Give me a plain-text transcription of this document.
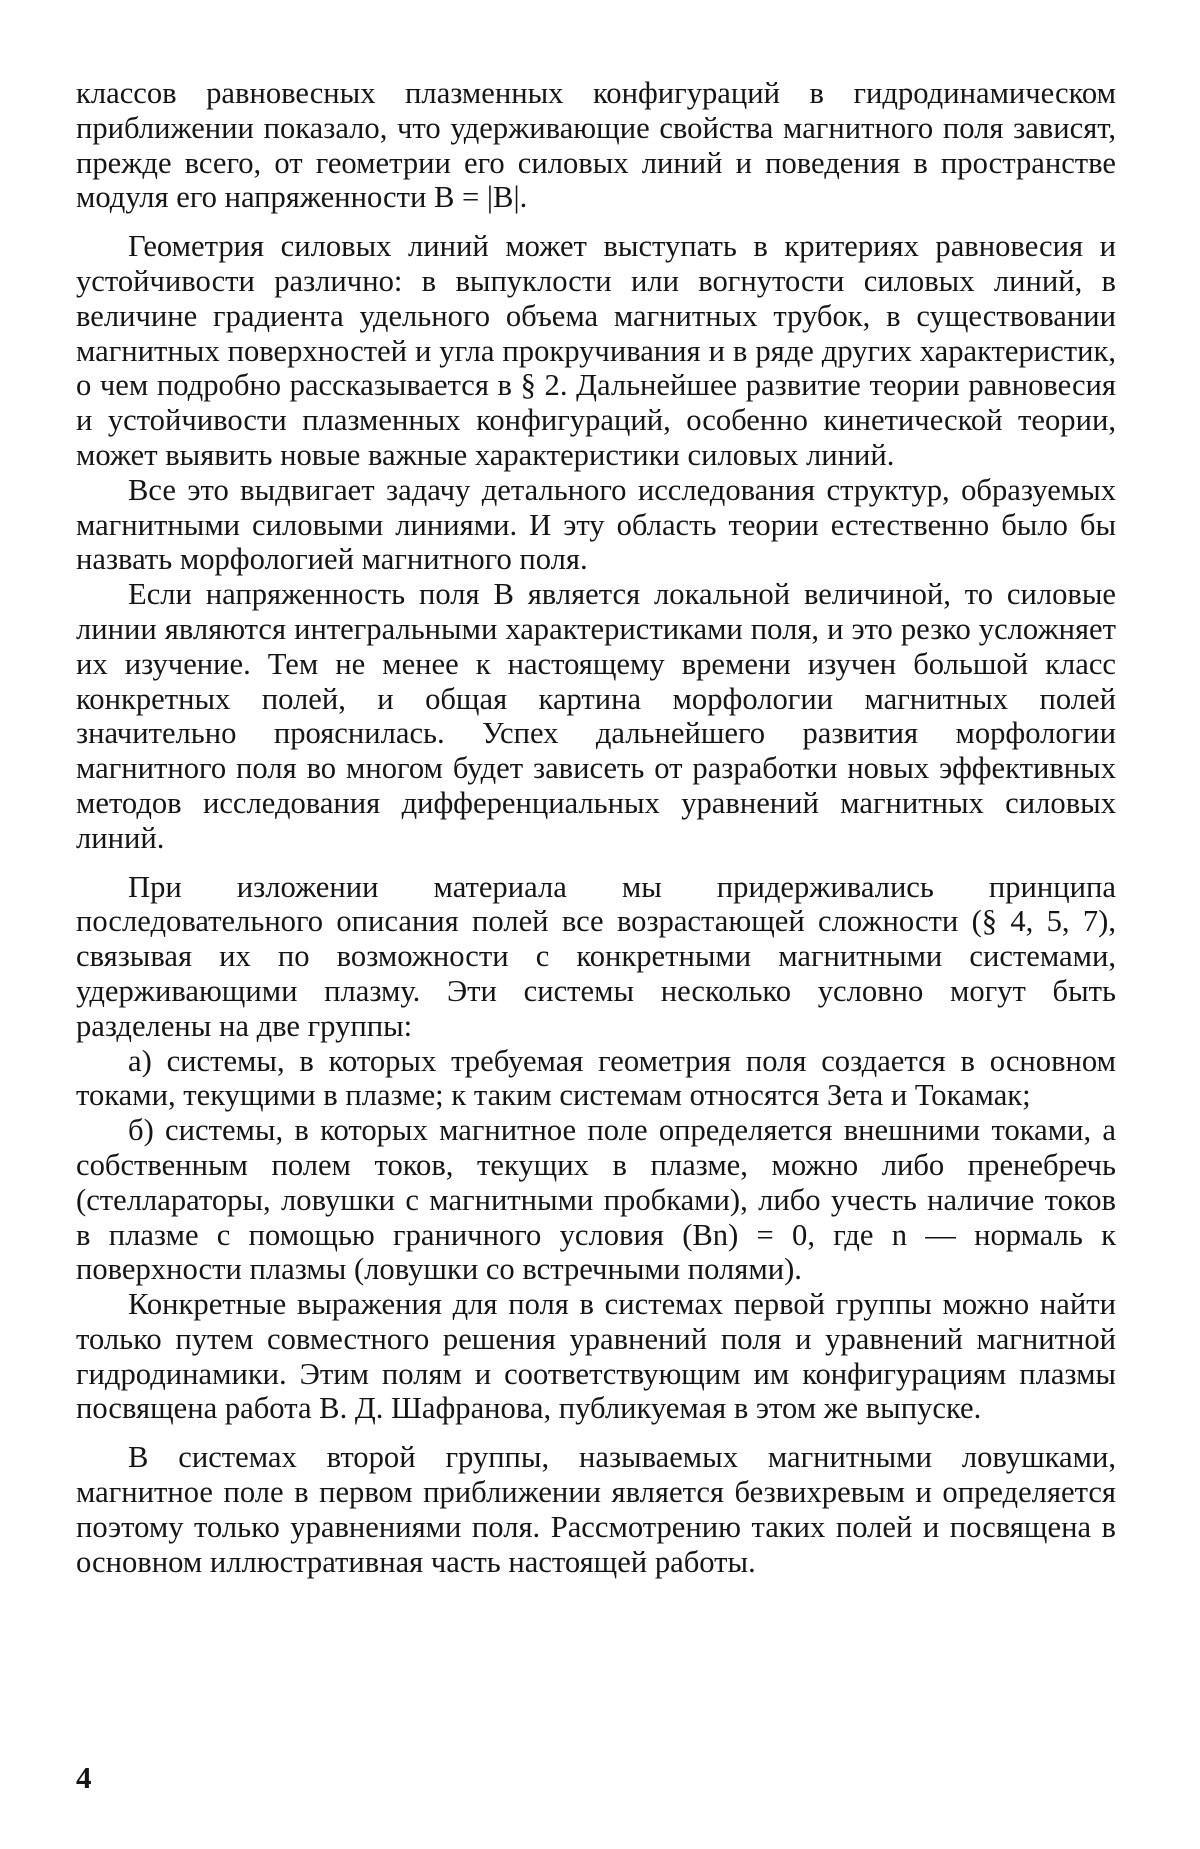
классов равновесных плазменных конфигураций в гидродинамическом приближении показало, что удерживающие свойства магнитного поля зависят, прежде всего, от геометрии его силовых линий и поведения в пространстве модуля его напряженности B = |B|.

Геометрия силовых линий может выступать в критериях равновесия и устойчивости различно: в выпуклости или вогнутости силовых линий, в величине градиента удельного объема магнитных трубок, в существовании магнитных поверхностей и угла прокручивания и в ряде других характеристик, о чем подробно рассказывается в § 2. Дальнейшее развитие теории равновесия и устойчивости плазменных конфигураций, особенно кинетической теории, может выявить новые важные характеристики силовых линий.

Все это выдвигает задачу детального исследования структур, образуемых магнитными силовыми линиями. И эту область теории естественно было бы назвать морфологией магнитного поля.

Если напряженность поля B является локальной величиной, то силовые линии являются интегральными характеристиками поля, и это резко усложняет их изучение. Тем не менее к настоящему времени изучен большой класс конкретных полей, и общая картина морфологии магнитных полей значительно прояснилась. Успех дальнейшего развития морфологии магнитного поля во многом будет зависеть от разработки новых эффективных методов исследования дифференциальных уравнений магнитных силовых линий.

При изложении материала мы придерживались принципа последовательного описания полей все возрастающей сложности (§ 4, 5, 7), связывая их по возможности с конкретными магнитными системами, удерживающими плазму. Эти системы несколько условно могут быть разделены на две группы:

а) системы, в которых требуемая геометрия поля создается в основном токами, текущими в плазме; к таким системам относятся Зета и Токамак;

б) системы, в которых магнитное поле определяется внешними токами, а собственным полем токов, текущих в плазме, можно либо пренебречь (стеллараторы, ловушки с магнитными пробками), либо учесть наличие токов в плазме с помощью граничного условия (Bn) = 0, где n — нормаль к поверхности плазмы (ловушки со встречными полями).

Конкретные выражения для поля в системах первой группы можно найти только путем совместного решения уравнений поля и уравнений магнитной гидродинамики. Этим полям и соответствующим им конфигурациям плазмы посвящена работа В. Д. Шафранова, публикуемая в этом же выпуске.

В системах второй группы, называемых магнитными ловушками, магнитное поле в первом приближении является безвихревым и определяется поэтому только уравнениями поля. Рассмотрению таких полей и посвящена в основном иллюстративная часть настоящей работы.

4
